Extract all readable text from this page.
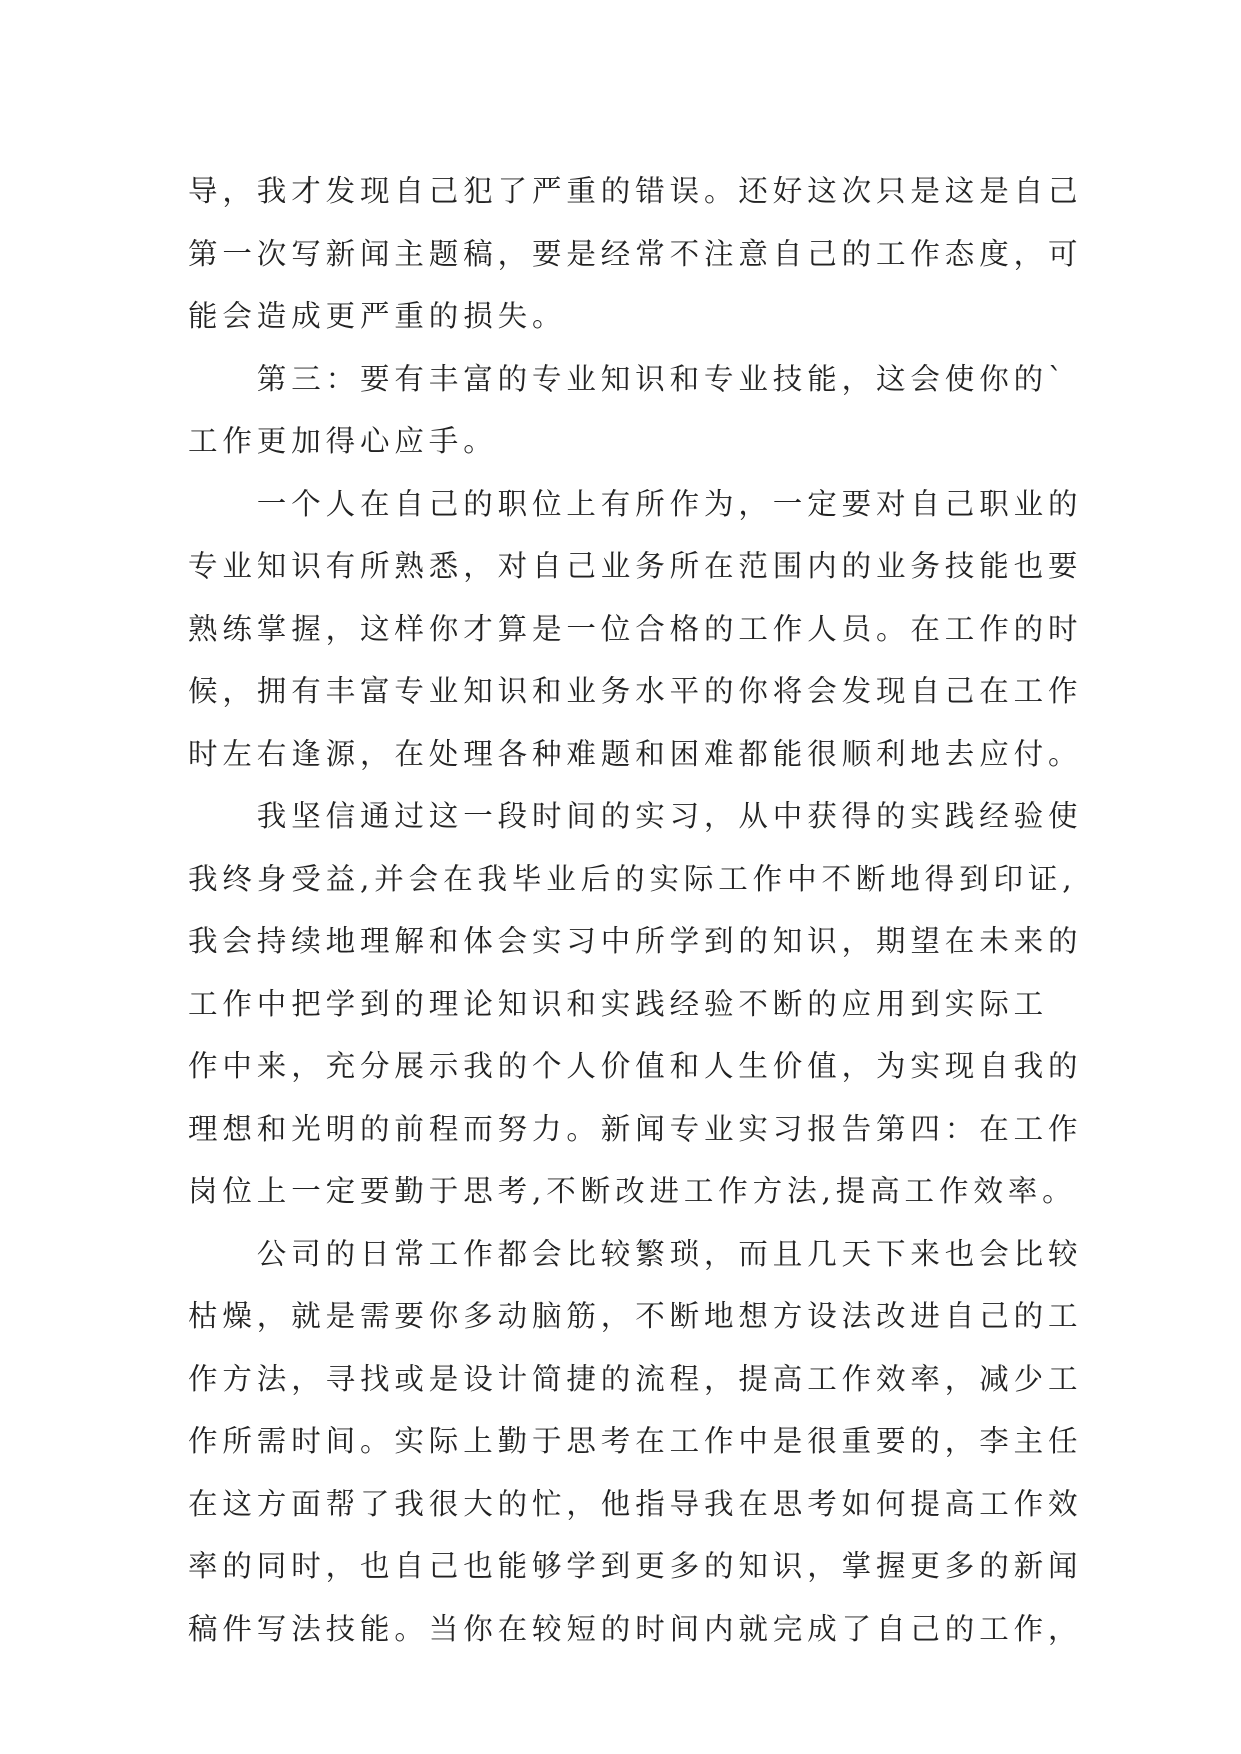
导，我才发现自己犯了严重的错误。还好这次只是这是自己
第一次写新闻主题稿，要是经常不注意自己的工作态度，可
能会造成更严重的损失。
　　第三：要有丰富的专业知识和专业技能，这会使你的`
工作更加得心应手。
　　一个人在自己的职位上有所作为，一定要对自己职业的
专业知识有所熟悉，对自己业务所在范围内的业务技能也要
熟练掌握，这样你才算是一位合格的工作人员。在工作的时
候，拥有丰富专业知识和业务水平的你将会发现自己在工作
时左右逢源，在处理各种难题和困难都能很顺利地去应付。
　　我坚信通过这一段时间的实习，从中获得的实践经验使
我终身受益,并会在我毕业后的实际工作中不断地得到印证,
我会持续地理解和体会实习中所学到的知识，期望在未来的
工作中把学到的理论知识和实践经验不断的应用到实际工
作中来，充分展示我的个人价值和人生价值，为实现自我的
理想和光明的前程而努力。新闻专业实习报告第四：在工作
岗位上一定要勤于思考,不断改进工作方法,提高工作效率。
　　公司的日常工作都会比较繁琐，而且几天下来也会比较
枯燥，就是需要你多动脑筋，不断地想方设法改进自己的工
作方法，寻找或是设计简捷的流程，提高工作效率，减少工
作所需时间。实际上勤于思考在工作中是很重要的，李主任
在这方面帮了我很大的忙，他指导我在思考如何提高工作效
率的同时，也自己也能够学到更多的知识，掌握更多的新闻
稿件写法技能。当你在较短的时间内就完成了自己的工作，
